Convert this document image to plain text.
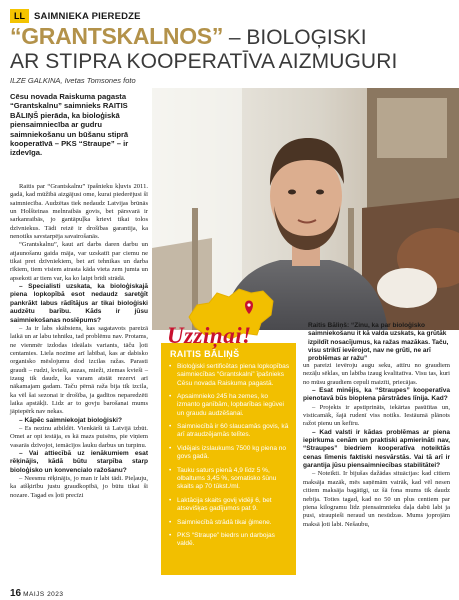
LL SAIMNIEKA PIEREDZE
“GRANTSKALNOS” – BIOLOĢISKI
AR STIPRA KOOPERATĪVA AIZMUGURI
ILZE GALKINA, Ivetas Tomsones foto
Cēsu novada Raiskuma pagasta “Grantskalnu” saimnieks RAITIS BĀLIŅŠ pierāda, ka bioloģiskā piensaimniecība ar gudru saimniekošanu un būšanu stiprā kooperatīvā – PKS “Straupe” – ir izdevīga.

Raitis par “Grantskalnu” īpašnieku kļuvis 2011. gadā, kad mūžībā aizgājusi ome, kurai piederējusi šī saimniecība. Audzētas tiek nedaudz Latvijas brūnās un Holšteinas melnraibās govis, bet pārsvarā ir sarkanraibās, jo gantāpuļka krievi tikai tolos dzīvniekus. Tādi reizē ir drošības garantija, ka nenotiks savstarpēja savairošanās.

“Grantskalnu”, kaut arī darbs daren darbu un atjaunošanu gaida māja, var uzskatīt par ciemu ne tikai pret dzīvniekiem, bet arī tehnikas un darba rīkiem, tiem visiem atrasta kāda vieta zem jumta un apsekoti ar tiem var, ka ko laipt brīdi strādā.

– Specialisti uzskata, ka bioloģiskajā piena lopkopībā esot nedaudz saretģīt pankrākt labus rādītājus ar tikai bioloģiski audzētu barību. Kāds ir jūsu saimniekošanas noslēpums?

– Ja ir labs skābsiens, kas sagatavots pareizā laikā un ar labu tehniku, tad problēmu nav. Protams, ne vienmēr izdodas ideālais variants, tāču ļoti centamies. Liela nozīme arī labībai, kas ar dabisko organisko mēslojumu dod izcilas ražas. Parasti graudi – rudzi, kvieši, auzas, mieži, ziemas kvieši – izaug tik daudz, ka varam atstāt rezervi arī nākamajam gadam. Taču pērnā raža bija tik izcila, ka vēl šai sezonai ir drošība, ja gadītos neparedzēti laika apstākļi. Lidz ar to govju barošanai mums jāpiepērk nav nekas.

– Kāpēc saimniekojat bioloģiski?

– Es nezinu atbildēt. Vienkārši tā Latvijā izbūt. Omei ar opi iestāja, es kā mazs puisēns, pie viņiem vasarās dzīvojot, iemācījos lauku darbus un turpinu.

– Vai attiecībā uz ienākumiem esat rēķinājis, kādā būtu starpība starp bioloģisko un konvencialo ražošanu?

– Neesmu rēķinājis, jo man ir labi tādi. Pieļauju, ka atšķirību justu graudkopībā, jo būtu tikai ši nozare. Tagad es ļoti precīzi

Uzziņai!
RAITIS BĀLIŅŠ
• Bioloģiski sertificētas piena lopkopības saimniecības “Grantskalni” īpašnieks Cēsu novada Raiskuma pagastā.
• Apsaimnieko 245 ha zemes, ko izmanto ganībām, lopbarības iegūvei un graudu audzēšanai.
• Saimniecībā ir 60 slaucamās govis, kā arī atraudzējamās telītes.
• Vidējais izslaukums 7500 kg piena no govs gadā.
• Tauku saturs pienā 4,9 līdz 5 %, olbaltums 3,45 %, somatisko šūnu skaits ap 70 tūkst./ml.
• Laktācija skaits govij vidēji 6, bet atsevišķas gadījumos pat 9.
• Saimniecībā strādā tikai ģimene.
• PKS “Straupe” biedrs un darbojas valdē.
Raitis Bāliņš: “Zinu, ka par bioloģisko saimniekošanu it kā valda uzskats, ka grūtāk izpildīt nosacījumus, ka ražas mazākas. Taču, visu striktī ievērojot, nav ne grūti, ne arī problēmas ar ražu”

un pareizi ievēroju augu seku, attīru no graudiem nezāļu sēklas, un labība izaug kvalitatīva. Visu tas, kuri no mūsu graudiem cepuli maizīti, priecājas.

– Esat minējis, ka “Straupes” kooperatīva pienotavā būs bioplena pārstrādes līnija. Kad?

– Projekts ir apstiprināts, iekārtas pasūtītas un, visticamāk, šajā rudenī viss notiks. Iestāumā plānots ražot pienu un kefīru.

– Kad valsti ir kādas problēmas ar piena iepirkuma cenām un praktiski apmierināti nav, “Straupes” biedriem kooperatīva noteiktās cenas līmenis faktiski nesvārstās. Vai tā arī ir garantija jūsu piensaimniecības stabilitātei?

– Noteikti. Ir bijušas dažādas situācijas: kad citiem maksāja mazāk, mēs saņēmām vairāk, kad vēl nesen citiem maksāja bagātīgi, uz šā fona mums tik daudz nebija. Toties tagad, kad no 50 un plus centiem par piena kilogramu līdz piensaimnieku daļa dabū labi ja pusi, straupieši neraud un nesūdzas. Mums joprojām maksā ļoti labi. Nešaubu,

16 MAIJS 2023
